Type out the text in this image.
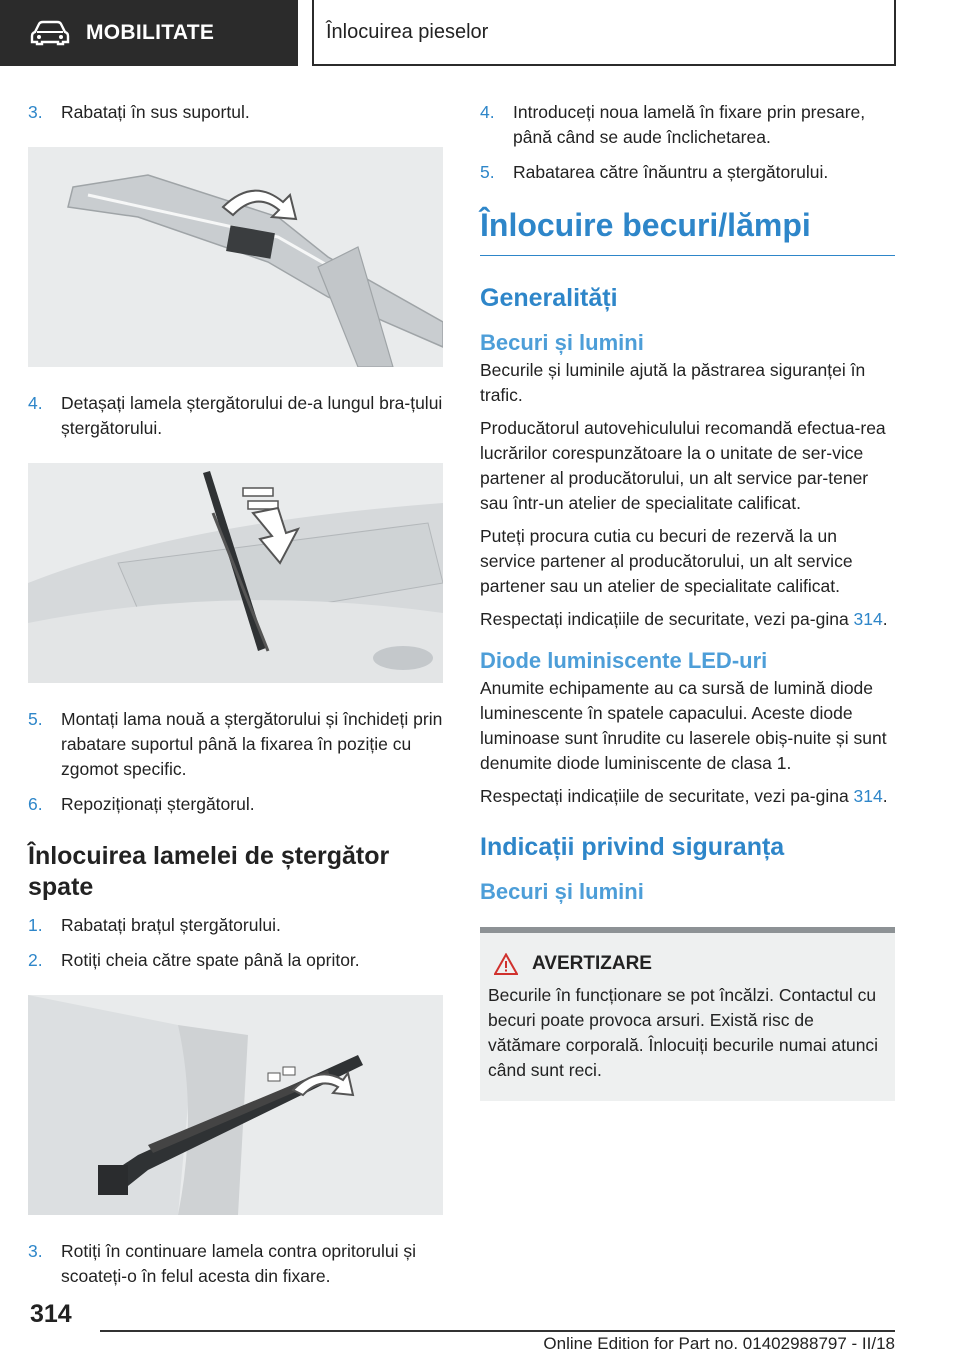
MOBILITATE	Înlocuirea pieselor
3.	Rabatați în sus suportul.
4.	Detașați lamela ștergătorului de-a lungul bra-țului ștergătorului.
5.	Montați lama nouă a ștergătorului și închideți prin rabatare suportul până la fixarea în poziție cu zgomot specific.
6.	Repoziționați ștergătorul.
Înlocuirea lamelei de ștergător spate
1.	Rabatați brațul ștergătorului.
2.	Rotiți cheia către spate până la opritor.
3.	Rotiți în continuare lamela contra opritorului și scoateți-o în felul acesta din fixare.
4.	Introduceți noua lamelă în fixare prin presare, până când se aude înclichetarea.
5.	Rabatarea către înăuntru a ștergătorului.
Înlocuire becuri/lămpi
Generalități
Becuri și lumini

Becurile și luminile ajută la păstrarea siguranței în trafic.

Producătorul autovehiculului recomandă efectua-rea lucrărilor corespunzătoare la o unitate de ser-vice partener al producătorului, un alt service par-tener sau într-un atelier de specialitate calificat.

Puteți procura cutia cu becuri de rezervă la un service partener al producătorului, un alt service partener sau un atelier de specialitate calificat.

Respectați indicațiile de securitate, vezi pa-gina 314.

Diode luminiscente LED-uri

Anumite echipamente au ca sursă de lumină diode luminescente în spatele capacului. Aceste diode luminoase sunt înrudite cu laserele obiș-nuite și sunt denumite diode luminiscente de clasa 1.

Respectați indicațiile de securitate, vezi pa-gina 314.

Indicații privind siguranța
Becuri și lumini
AVERTIZARE

Becurile în funcționare se pot încălzi. Contactul cu becuri poate provoca arsuri. Există risc de vătămare corporală. Înlocuiți becurile numai atunci când sunt reci.

314
Online Edition for Part no. 01402988797 - II/18
